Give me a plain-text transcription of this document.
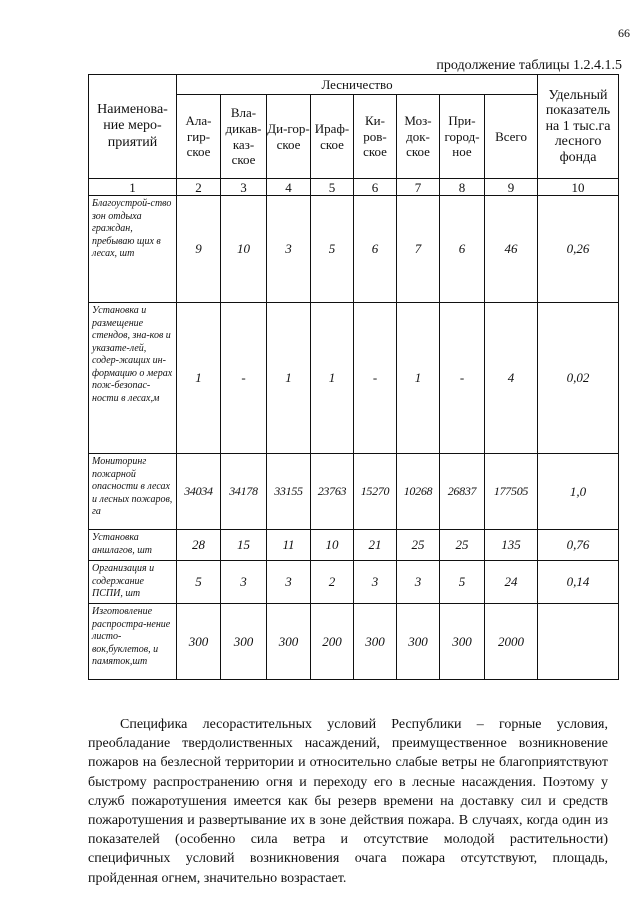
66
продолжение таблицы 1.2.4.1.5
Наименова-ние меро-приятий	Лесничество								Удельный показатель на 1 тыс.га лесного фонда
	Ала-гир-ское	Вла-дикав-каз-ское	Ди-гор-ское	Ираф-ское	Ки-ров-ское	Моз-док-ское	При-город-ное	Всего	
1	2	3	4	5	6	7	8	9	10
Благоустрой-ство зон отдыха граждан, пребываю щих в лесах, шт	9	10	3	5	6	7	6	46	0,26
Установка и размещение стендов, зна-ков и указате-лей, содер-жащих ин-формацию о мерах пож-безопас-ности в лесах,м	1	-	1	1	-	1	-	4	0,02
Мониторинг пожарной опасности в лесах и лесных пожаров, га	34034	34178	33155	23763	15270	10268	26837	177505	1,0
Установка аншлагов, шт	28	15	11	10	21	25	25	135	0,76
Организация и содержание ПСПИ, шт	5	3	3	2	3	3	5	24	0,14
Изготовление распростра-нение листо-вок,буклетов, и памяток,шт	300	300	300	200	300	300	300	2000	

Специфика лесорастительных условий Республики – горные условия, преобладание твердолиственных насаждений, преимущественное возникновение пожаров на безлесной территории и относительно слабые ветры не благоприятствуют быстрому распространению огня и переходу его в лесные насаждения. Поэтому у служб пожаротушения имеется как бы резерв времени на доставку сил и средств пожаротушения и развертывание их в зоне действия пожара. В случаях, когда один из показателей (особенно сила ветра и отсутствие молодой растительности) специфичных условий возникновения очага пожара отсутствуют, площадь, пройденная огнем, значительно возрастает.
